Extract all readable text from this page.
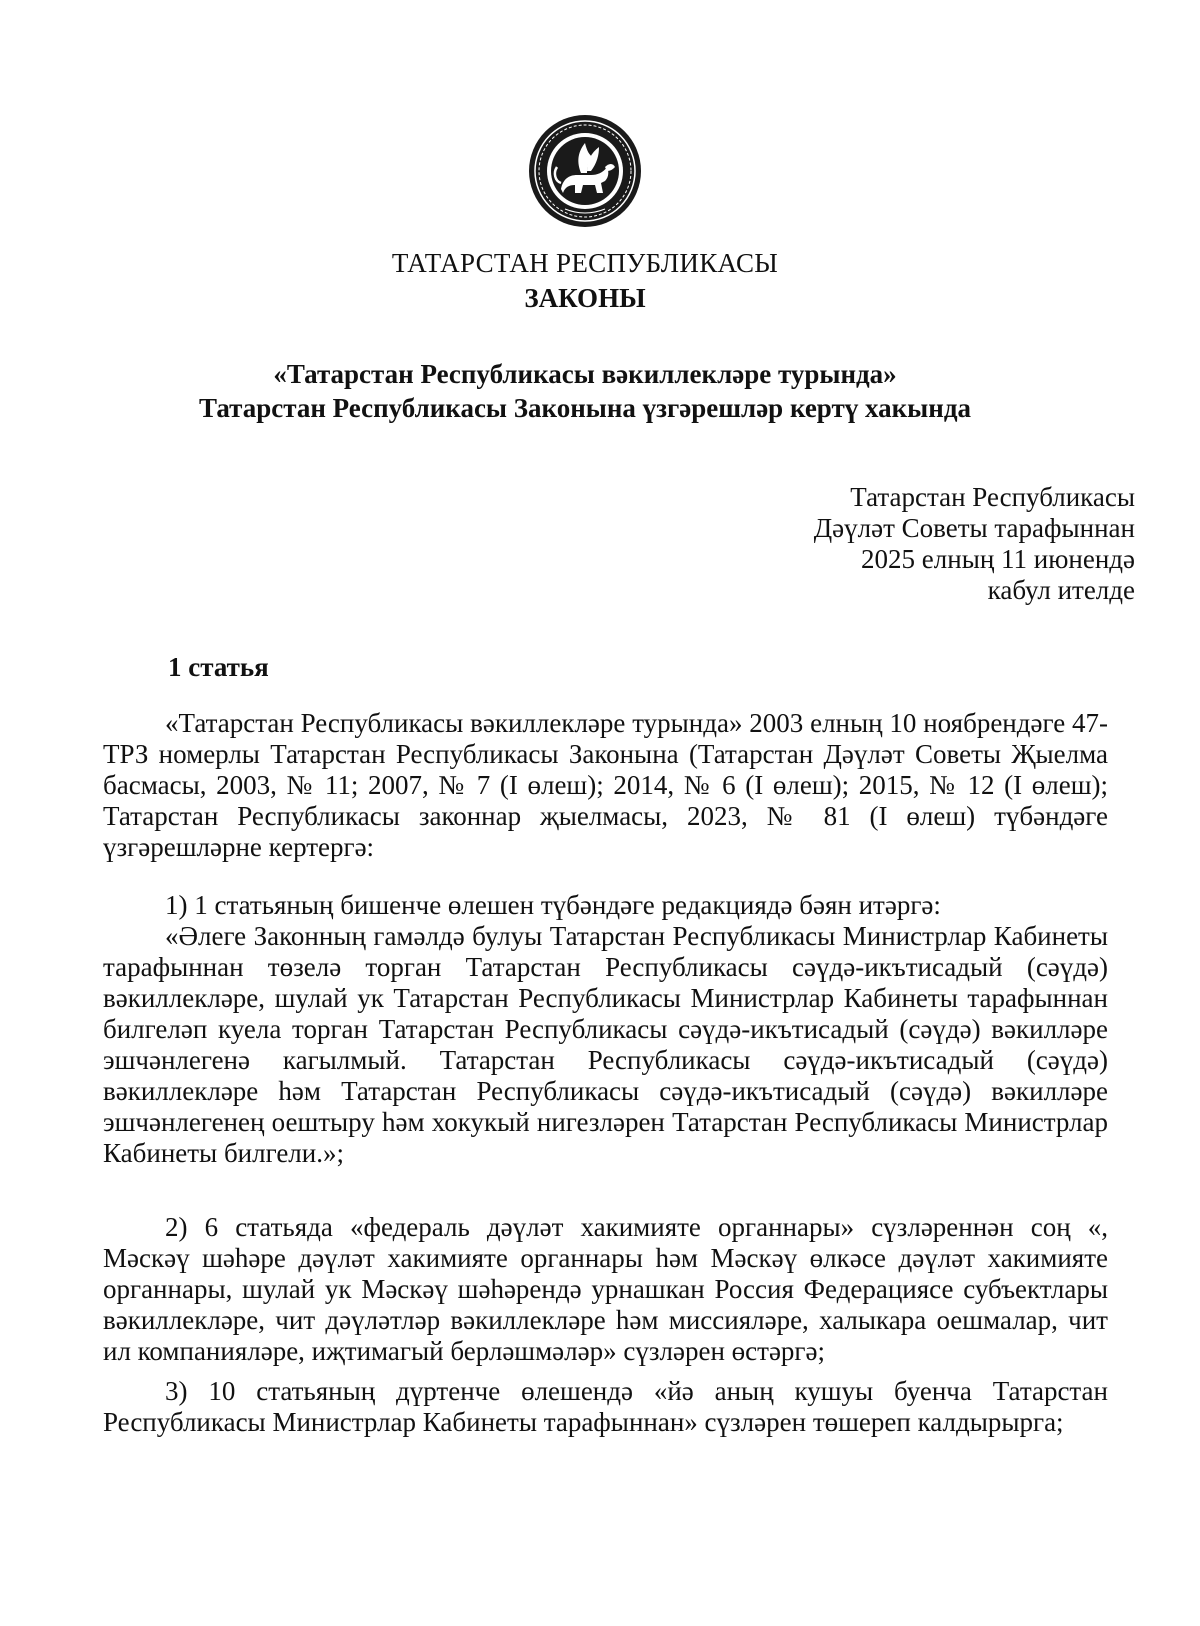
ТАТАРСТАН РЕСПУБЛИКАСЫ
ЗАКОНЫ
«Татарстан Республикасы вәкиллекләре турында»
Татарстан Республикасы Законына үзгәрешләр кертү хакында
Татарстан Республикасы
Дәүләт Советы тарафыннан
2025 елның 11 июнендә
кабул ителде
1 статья

«Татарстан Республикасы вәкиллекләре турында» 2003 елның 10 ноябрендәге 47-ТРЗ номерлы Татарстан Республикасы Законына (Татарстан Дәүләт Советы Җыелма басмасы, 2003, № 11; 2007, № 7 (I өлеш); 2014, № 6 (I өлеш); 2015, № 12 (I өлеш); Татарстан Республикасы законнар җыелмасы, 2023, № 81 (I өлеш) түбәндәге үзгәрешләрне кертергә:

1) 1 статьяның бишенче өлешен түбәндәге редакциядә бәян итәргә:

«Әлеге Законның гамәлдә булуы Татарстан Республикасы Министрлар Кабинеты тарафыннан төзелә торган Татарстан Республикасы сәүдә-икътисадый (сәүдә) вәкиллекләре, шулай ук Татарстан Республикасы Министрлар Кабинеты тарафыннан билгеләп куела торган Татарстан Республикасы сәүдә-икътисадый (сәүдә) вәкилләре эшчәнлегенә кагылмый. Татарстан Республикасы сәүдә-икътисадый (сәүдә) вәкиллекләре һәм Татарстан Республикасы сәүдә-икътисадый (сәүдә) вәкилләре эшчәнлегенең оештыру һәм хокукый нигезләрен Татарстан Республикасы Министрлар Кабинеты билгели.»;

2) 6 статьяда «федераль дәүләт хакимияте органнары» сүзләреннән соң «, Мәскәү шәһәре дәүләт хакимияте органнары һәм Мәскәү өлкәсе дәүләт хакимияте органнары, шулай ук Мәскәү шәһәрендә урнашкан Россия Федерациясе субъектлары вәкиллекләре, чит дәүләтләр вәкиллекләре һәм миссияләре, халыкара оешмалар, чит ил компанияләре, иҗтимагый берләшмәләр» сүзләрен өстәргә;

3) 10 статьяның дүртенче өлешендә «йә аның кушуы буенча Татарстан Республикасы Министрлар Кабинеты тарафыннан» сүзләрен төшереп калдырырга;
